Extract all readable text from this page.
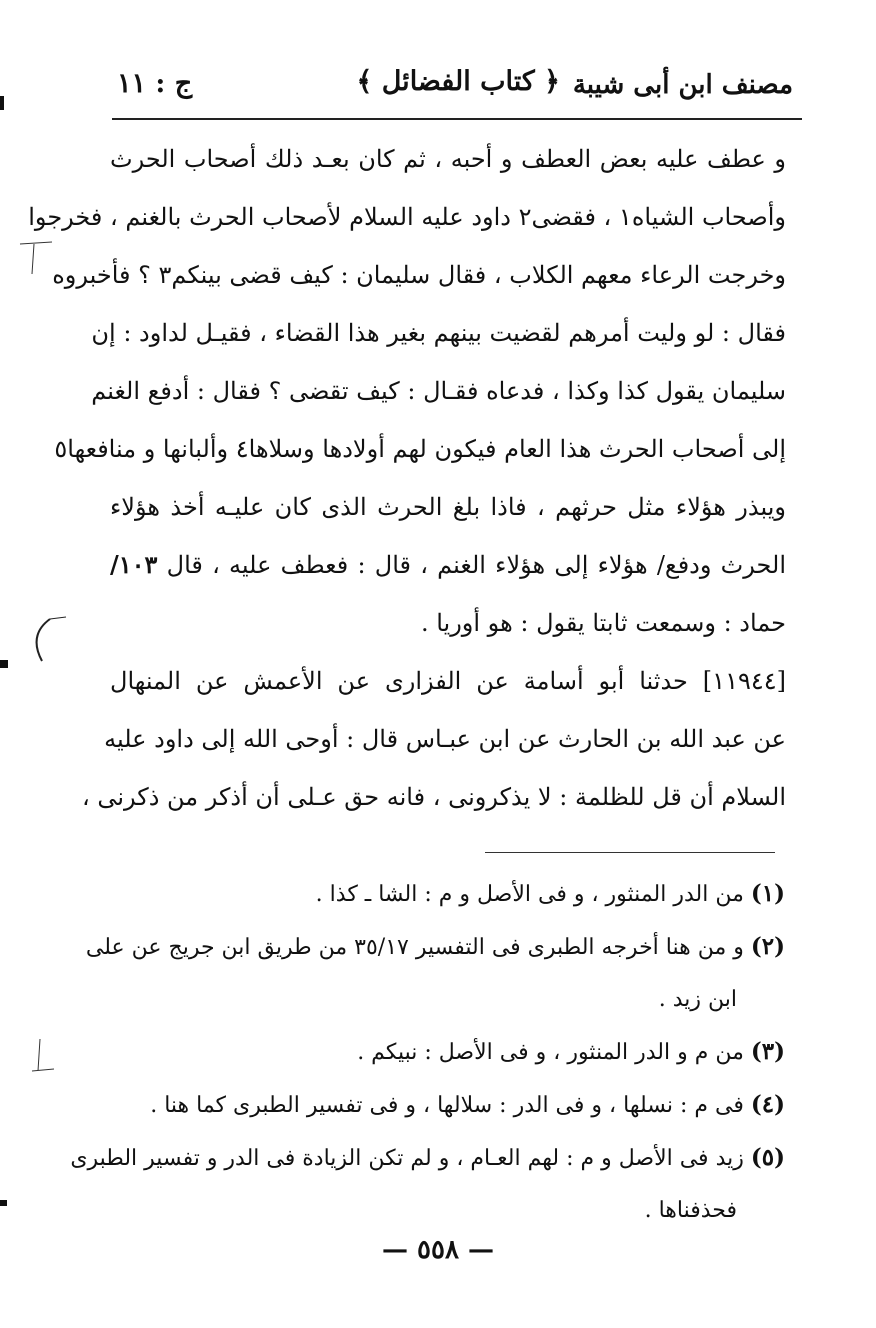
مصنف ابن أبى شيبة
﴿ كتاب الفضائل ﴾
ج : ١١
و عطف عليه بعض العطف و أحبه ، ثم كان بعـد ذلك أصحاب الحرث
وأصحاب الشياه١ ، فقضى٢ داود عليه السلام لأصحاب الحرث بالغنم ، فخرجوا
وخرجت الرعاء معهم الكلاب ، فقال سليمان : كيف قضى بينكم٣ ؟ فأخبروه
فقال : لو وليت أمرهم لقضيت بينهم بغير هذا القضاء ، فقيـل لداود : إن
سليمان يقول كذا وكذا ، فدعاه فقـال : كيف تقضى ؟ فقال : أدفع الغنم
إلى أصحاب الحرث هذا العام فيكون لهم أولادها وسلاها٤ وألبانها و منافعها٥
ويبذر هؤلاء مثل حرثهم ، فاذا بلغ الحرث الذى كان عليـه أخذ هؤلاء
الحرث ودفع/ هؤلاء إلى هؤلاء الغنم ، قال : فعطف عليه ، قال ١٠٣/
حماد : وسمعت ثابتا يقول : هو أوريا .
[١١٩٤٤] حدثنا أبو أسامة عن الفزارى عن الأعمش عن المنهال
عن عبد الله بن الحارث عن ابن عبـاس قال : أوحى الله إلى داود عليه
السلام أن قل للظلمة : لا يذكرونى ، فانه حق عـلى أن أذكر من ذكرنى ،
(١) من الدر المنثور ، و فى الأصل و م : الشا ـ كذا .
(٢) و من هنا أخرجه الطبرى فى التفسير ٣٥/١٧ من طريق ابن جريج عن على
ابن زيد .
(٣) من م و الدر المنثور ، و فى الأصل : نبيكم .
(٤) فى م : نسلها ، و فى الدر : سلالها ، و فى تفسير الطبرى كما هنا .
(٥) زيد فى الأصل و م : لهم العـام ، و لم تكن الزيادة فى الدر و تفسير الطبرى
فحذفناها .
— ٥٥٨ —
